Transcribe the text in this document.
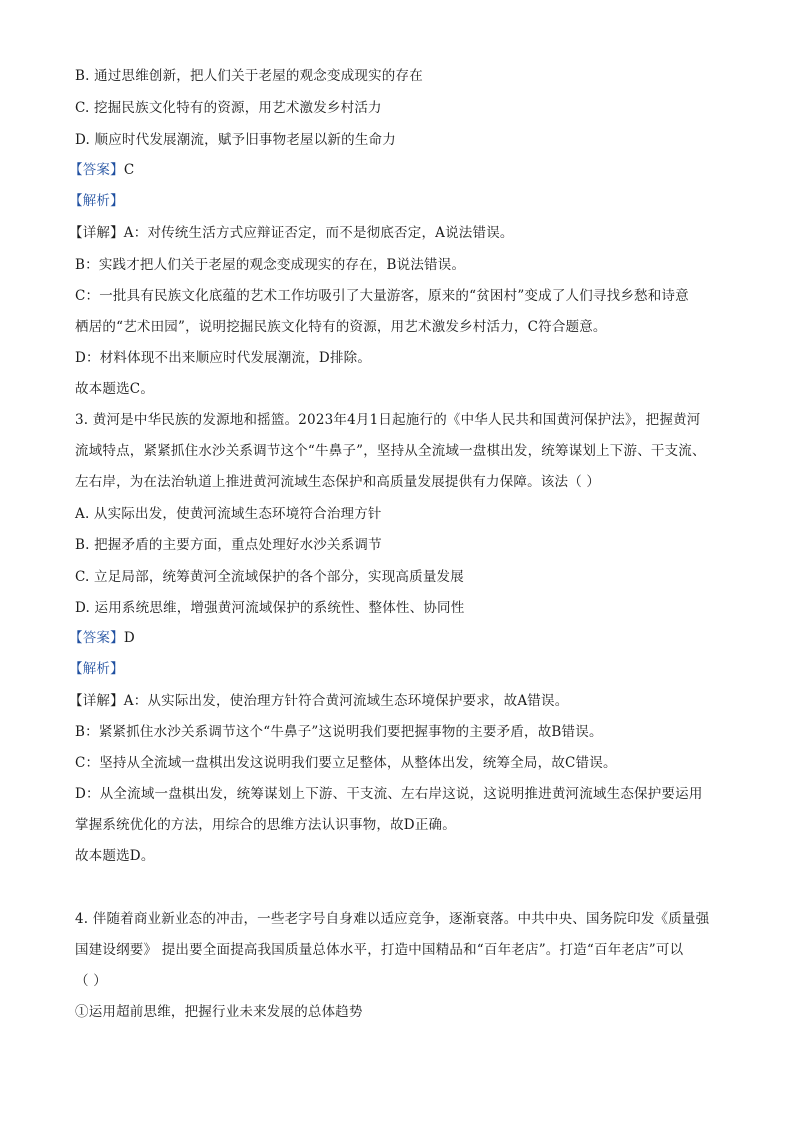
B. 通过思维创新，把人们关于老屋的观念变成现实的存在
C. 挖掘民族文化特有的资源，用艺术激发乡村活力
D. 顺应时代发展潮流，赋予旧事物老屋以新的生命力
【答案】C
【解析】
【详解】A：对传统生活方式应辩证否定，而不是彻底否定，A说法错误。
B：实践才把人们关于老屋的观念变成现实的存在，B说法错误。
C：一批具有民族文化底蕴的艺术工作坊吸引了大量游客，原来的“贫困村”变成了人们寻找乡愁和诗意
栖居的“艺术田园”，说明挖掘民族文化特有的资源，用艺术激发乡村活力，C符合题意。
D：材料体现不出来顺应时代发展潮流，D排除。
故本题选C。
3. 黄河是中华民族的发源地和摇篮。2023年4月1日起施行的《中华人民共和国黄河保护法》，把握黄河
流域特点，紧紧抓住水沙关系调节这个“牛鼻子”，坚持从全流域一盘棋出发，统筹谋划上下游、干支流、
左右岸，为在法治轨道上推进黄河流域生态保护和高质量发展提供有力保障。该法（ ）
A. 从实际出发，使黄河流域生态环境符合治理方针
B. 把握矛盾的主要方面，重点处理好水沙关系调节
C. 立足局部，统筹黄河全流域保护的各个部分，实现高质量发展
D. 运用系统思维，增强黄河流域保护的系统性、整体性、协同性
【答案】D
【解析】
【详解】A：从实际出发，使治理方针符合黄河流域生态环境保护要求，故A错误。
B：紧紧抓住水沙关系调节这个“牛鼻子”这说明我们要把握事物的主要矛盾，故B错误。
C：坚持从全流域一盘棋出发这说明我们要立足整体，从整体出发，统筹全局，故C错误。
D：从全流域一盘棋出发，统筹谋划上下游、干支流、左右岸这说，这说明推进黄河流域生态保护要运用
掌握系统优化的方法，用综合的思维方法认识事物，故D正确。
故本题选D。
4. 伴随着商业新业态的冲击，一些老字号自身难以适应竞争，逐渐衰落。中共中央、国务院印发《质量强
国建设纲要》 提出要全面提高我国质量总体水平，打造中国精品和“百年老店”。打造“百年老店”可以
（ ）
①运用超前思维，把握行业未来发展的总体趋势
